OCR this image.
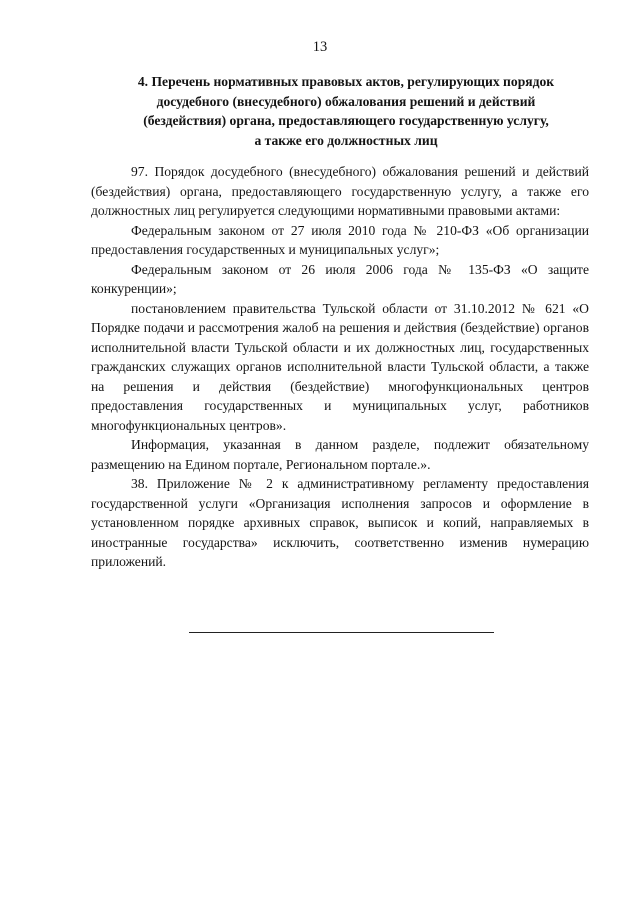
13
4. Перечень нормативных правовых актов, регулирующих порядок
досудебного (внесудебного) обжалования решений и действий
(бездействия) органа, предоставляющего государственную услугу,
а также его должностных лиц

97. Порядок досудебного (внесудебного) обжалования решений и действий (бездействия) органа, предоставляющего государственную услугу, а также его должностных лиц регулируется следующими нормативными правовыми актами:

Федеральным законом от 27 июля 2010 года № 210-ФЗ «Об организации предоставления государственных и муниципальных услуг»;

Федеральным законом от 26 июля 2006 года № 135-ФЗ «О защите конкуренции»;

постановлением правительства Тульской области от 31.10.2012 № 621 «О Порядке подачи и рассмотрения жалоб на решения и действия (бездействие) органов исполнительной власти Тульской области и их должностных лиц, государственных гражданских служащих органов исполнительной власти Тульской области, а также на решения и действия (бездействие) многофункциональных центров предоставления государственных и муниципальных услуг, работников многофункциональных центров».

Информация, указанная в данном разделе, подлежит обязательному размещению на Едином портале, Региональном портале.».

38. Приложение № 2 к административному регламенту предоставления государственной услуги «Организация исполнения запросов и оформление в установленном порядке архивных справок, выписок и копий, направляемых в иностранные государства» исключить, соответственно изменив нумерацию приложений.
